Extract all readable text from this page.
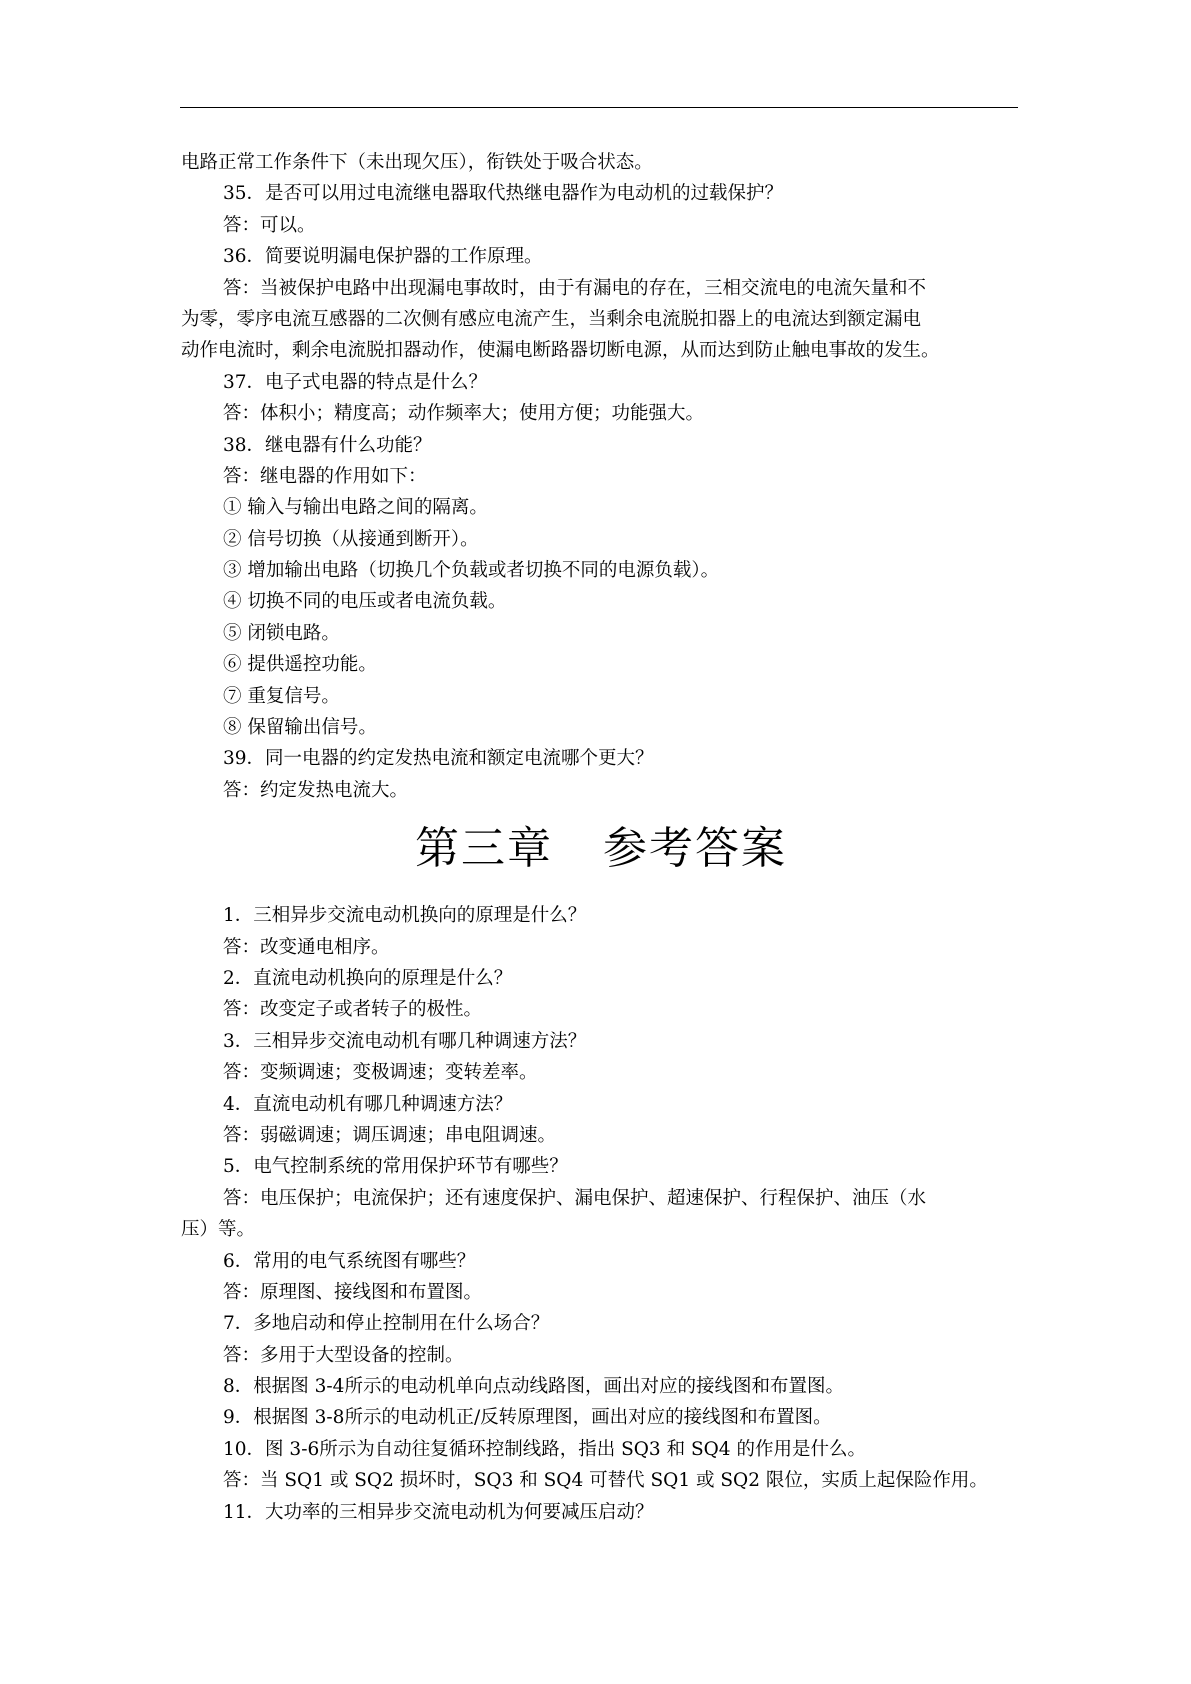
电路正常工作条件下（未出现欠压），衔铁处于吸合状态。
35．是否可以用过电流继电器取代热继电器作为电动机的过载保护？
答：可以。
36．简要说明漏电保护器的工作原理。
答：当被保护电路中出现漏电事故时，由于有漏电的存在，三相交流电的电流矢量和不
为零，零序电流互感器的二次侧有感应电流产生，当剩余电流脱扣器上的电流达到额定漏电
动作电流时，剩余电流脱扣器动作，使漏电断路器切断电源，从而达到防止触电事故的发生。
37．电子式电器的特点是什么？
答：体积小；精度高；动作频率大；使用方便；功能强大。
38．继电器有什么功能？
答：继电器的作用如下：
① 输入与输出电路之间的隔离。
② 信号切换（从接通到断开）。
③ 增加输出电路（切换几个负载或者切换不同的电源负载）。
④ 切换不同的电压或者电流负载。
⑤ 闭锁电路。
⑥ 提供遥控功能。
⑦ 重复信号。
⑧ 保留输出信号。
39．同一电器的约定发热电流和额定电流哪个更大？
答：约定发热电流大。
第三章 参考答案
1．三相异步交流电动机换向的原理是什么？
答：改变通电相序。
2．直流电动机换向的原理是什么？
答：改变定子或者转子的极性。
3．三相异步交流电动机有哪几种调速方法？
答：变频调速；变极调速；变转差率。
4．直流电动机有哪几种调速方法？
答：弱磁调速；调压调速；串电阻调速。
5．电气控制系统的常用保护环节有哪些？
答：电压保护；电流保护；还有速度保护、漏电保护、超速保护、行程保护、油压（水
压）等。
6．常用的电气系统图有哪些？
答：原理图、接线图和布置图。
7．多地启动和停止控制用在什么场合？
答：多用于大型设备的控制。
8．根据图 3-4所示的电动机单向点动线路图，画出对应的接线图和布置图。
9．根据图 3-8所示的电动机正/反转原理图，画出对应的接线图和布置图。
10．图 3-6所示为自动往复循环控制线路，指出 SQ3 和 SQ4 的作用是什么。
答：当 SQ1 或 SQ2 损坏时，SQ3 和 SQ4 可替代 SQ1 或 SQ2 限位，实质上起保险作用。
11．大功率的三相异步交流电动机为何要减压启动？
